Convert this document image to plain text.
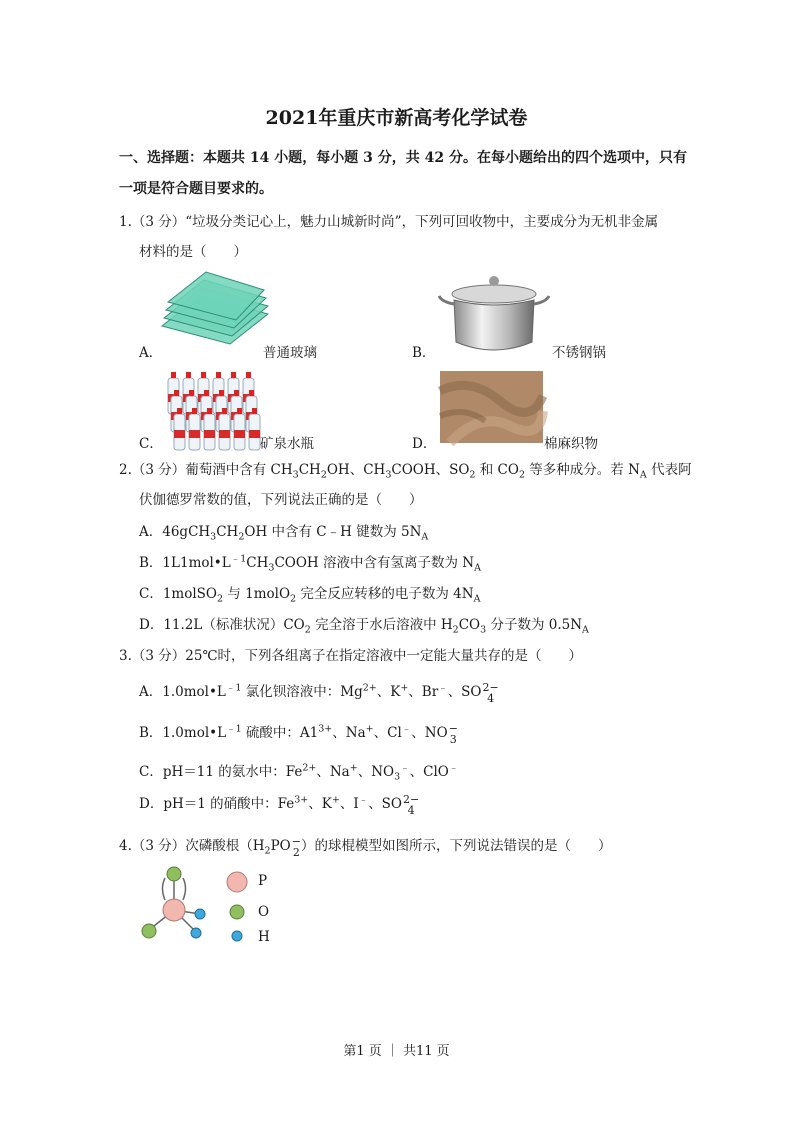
2021年重庆市新高考化学试卷
一、选择题：本题共 14 小题，每小题 3 分，共 42 分。在每小题给出的四个选项中，只有
一项是符合题目要求的。
1.（3 分）“垃圾分类记心上，魅力山城新时尚”，下列可回收物中，主要成分为无机非金属
材料的是（　　）
A．	普通玻璃	B．	不锈钢锅
C．	矿泉水瓶	D．	棉麻织物
2.（3 分）葡萄酒中含有 $CH_3CH_2OH$、$CH_3COOH$、$SO_2$ 和 $CO_2$ 等多种成分。若 $N_A$ 代表阿
伏伽德罗常数的值，下列说法正确的是（　　）
A．$46gCH_3CH_2OH$ 中含有 C﹣H 键数为 $5N_A$
B．$1L1mol•L^{﹣1}CH_3COOH$ 溶液中含有氢离子数为 $N_A$
C．1molSO$_2$ 与 1molO$_2$ 完全反应转移的电子数为 $4N_A$
D．11.2L（标准状况）$CO_2$ 完全溶于水后溶液中 $H_2CO_3$ 分子数为 $0.5N_A$
3.（3 分）25℃时，下列各组离子在指定溶液中一定能大量共存的是（　　）
A．$1.0mol•L^{﹣1}$ 氯化钡溶液中：$Mg^{2+}$、K+、Br﹣、SO 2−
4
B．$1.0mol•L^{﹣1}$ 硫酸中：$A1^{3+}$、Na+、Cl﹣、NO −
3
C．pH＝11 的氨水中：$Fe^{2+}$、Na+、$NO_3^﹣$、ClO﹣
D．pH＝1 的硝酸中：$Fe^{3+}$、K+、I﹣、SO 2−
4
4.（3 分）次磷酸根（$H_2PO$ −
2 ）的球棍模型如图所示，下列说法错误的是（　　）
P
O
H
第1 页 ｜ 共11 页
